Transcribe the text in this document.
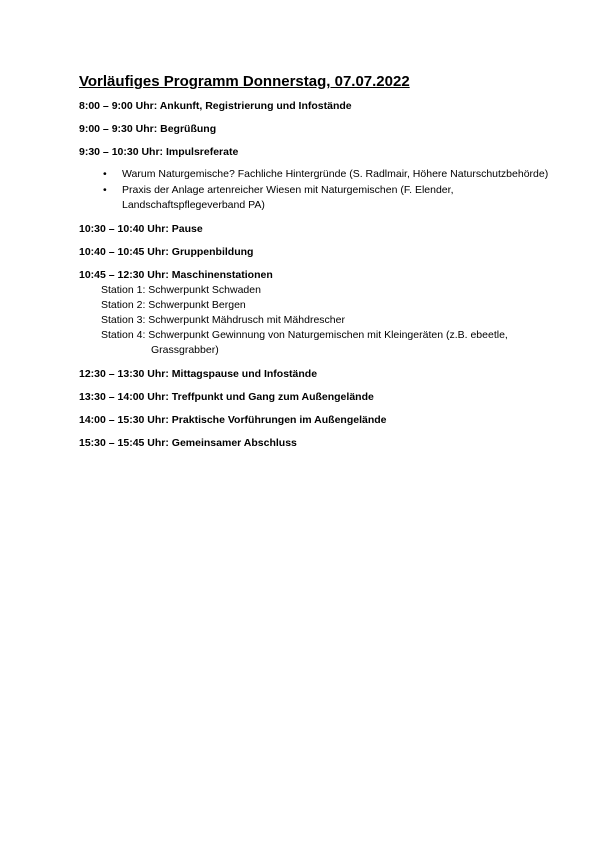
Vorläufiges Programm Donnerstag, 07.07.2022
8:00 – 9:00 Uhr: Ankunft, Registrierung und Infostände
9:00 – 9:30 Uhr: Begrüßung
9:30 – 10:30 Uhr: Impulsreferate
•	Warum Naturgemische? Fachliche Hintergründe (S. Radlmair, Höhere Naturschutzbehörde)
•	Praxis der Anlage artenreicher Wiesen mit Naturgemischen (F. Elender, Landschaftspflegeverband PA)
10:30 – 10:40 Uhr: Pause
10:40 – 10:45 Uhr: Gruppenbildung
10:45 – 12:30 Uhr: Maschinenstationen
Station 1: Schwerpunkt Schwaden
Station 2: Schwerpunkt Bergen
Station 3: Schwerpunkt Mähdrusch mit Mähdrescher
Station 4: Schwerpunkt Gewinnung von Naturgemischen mit Kleingeräten (z.B. ebeetle,
Grassgrabber)
12:30 – 13:30 Uhr: Mittagspause und Infostände
13:30 – 14:00 Uhr: Treffpunkt und Gang zum Außengelände
14:00 – 15:30 Uhr: Praktische Vorführungen im Außengelände
15:30 – 15:45 Uhr: Gemeinsamer Abschluss
